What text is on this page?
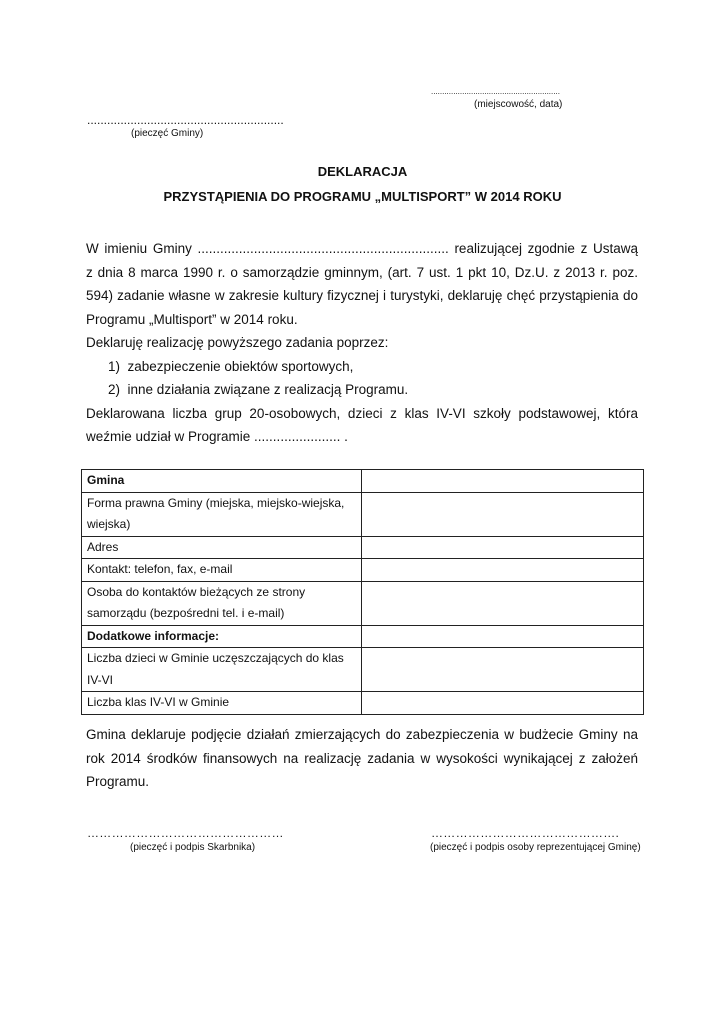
..........................................................
(miejscowość, data)
...........................................................
(pieczęć Gminy)
DEKLARACJA
PRZYSTĄPIENIA DO PROGRAMU „MULTISPORT” W 2014 ROKU
W imieniu Gminy ................................................................... realizującej zgodnie z Ustawą
z dnia 8 marca 1990 r. o samorządzie gminnym, (art. 7 ust. 1 pkt 10, Dz.U. z 2013 r. poz.
594) zadanie własne w zakresie kultury fizycznej i turystyki, deklaruję chęć przystąpienia do
Programu „Multisport” w 2014 roku.
Deklaruję realizację powyższego zadania poprzez:
1) zabezpieczenie obiektów sportowych,
2) inne działania związane z realizacją Programu.
Deklarowana liczba grup 20-osobowych, dzieci z klas IV-VI szkoły podstawowej, która
weźmie udział w Programie ....................... .
Gmina	
Forma prawna Gminy (miejska, miejsko-wiejska, wiejska)	
Adres	
Kontakt: telefon, fax, e-mail	
Osoba do kontaktów bieżących ze strony samorządu (bezpośredni tel. i e-mail)	
Dodatkowe informacje:	
Liczba dzieci w Gminie uczęszczających do klas IV-VI	
Liczba klas IV-VI w Gminie	
Gmina deklaruje podjęcie działań zmierzających do zabezpieczenia w budżecie Gminy na
rok 2014 środków finansowych na realizację zadania w wysokości wynikającej z założeń
Programu.
…………………………………………
(pieczęć i podpis Skarbnika)
……………………………………….
(pieczęć i podpis osoby reprezentującej Gminę)
